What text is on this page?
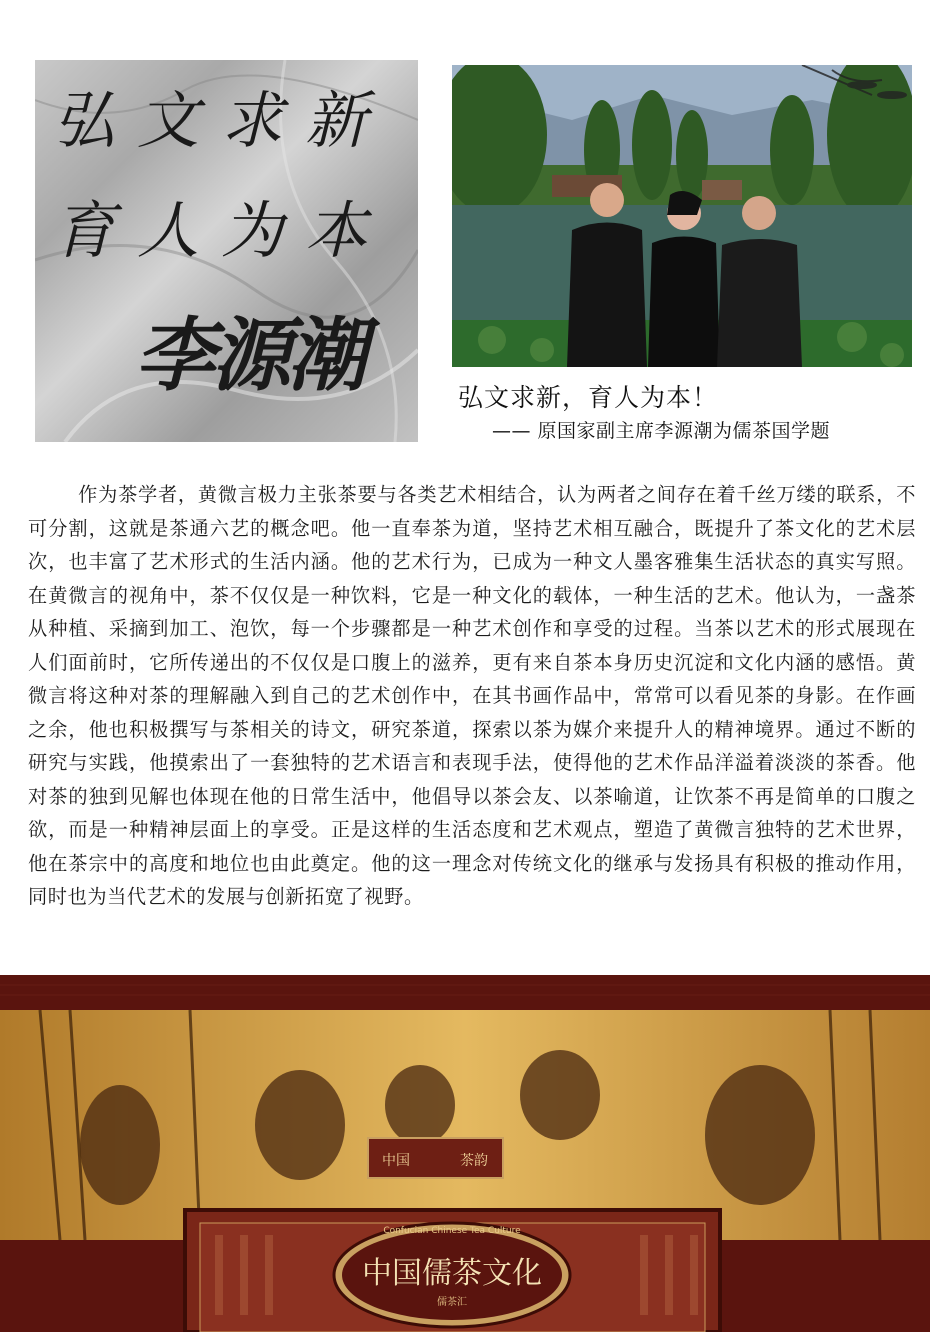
弘文求新
育人为本
李源潮	弘文求新，育人为本！
—— 原国家副主席李源潮为儒茶国学题

作为茶学者，黄微言极力主张茶要与各类艺术相结合，认为两者之间存在着千丝万缕的联系，不可分割，这就是茶通六艺的概念吧。他一直奉茶为道，坚持艺术相互融合，既提升了茶文化的艺术层次，也丰富了艺术形式的生活内涵。他的艺术行为，已成为一种文人墨客雅集生活状态的真实写照。在黄微言的视角中，茶不仅仅是一种饮料，它是一种文化的载体，一种生活的艺术。他认为，一盏茶从种植、采摘到加工、泡饮，每一个步骤都是一种艺术创作和享受的过程。当茶以艺术的形式展现在人们面前时，它所传递出的不仅仅是口腹上的滋养，更有来自茶本身历史沉淀和文化内涵的感悟。黄微言将这种对茶的理解融入到自己的艺术创作中，在其书画作品中，常常可以看见茶的身影。在作画之余，他也积极撰写与茶相关的诗文，研究茶道，探索以茶为媒介来提升人的精神境界。通过不断的研究与实践，他摸索出了一套独特的艺术语言和表现手法，使得他的艺术作品洋溢着淡淡的茶香。他对茶的独到见解也体现在他的日常生活中，他倡导以茶会友、以茶喻道，让饮茶不再是简单的口腹之欲，而是一种精神层面上的享受。正是这样的生活态度和艺术观点，塑造了黄微言独特的艺术世界，他在茶宗中的高度和地位也由此奠定。他的这一理念对传统文化的继承与发扬具有积极的推动作用，同时也为当代艺术的发展与创新拓宽了视野。

中国	茶韵
Confucian Chinese Tea Culture
中国儒茶文化
儒茶汇
